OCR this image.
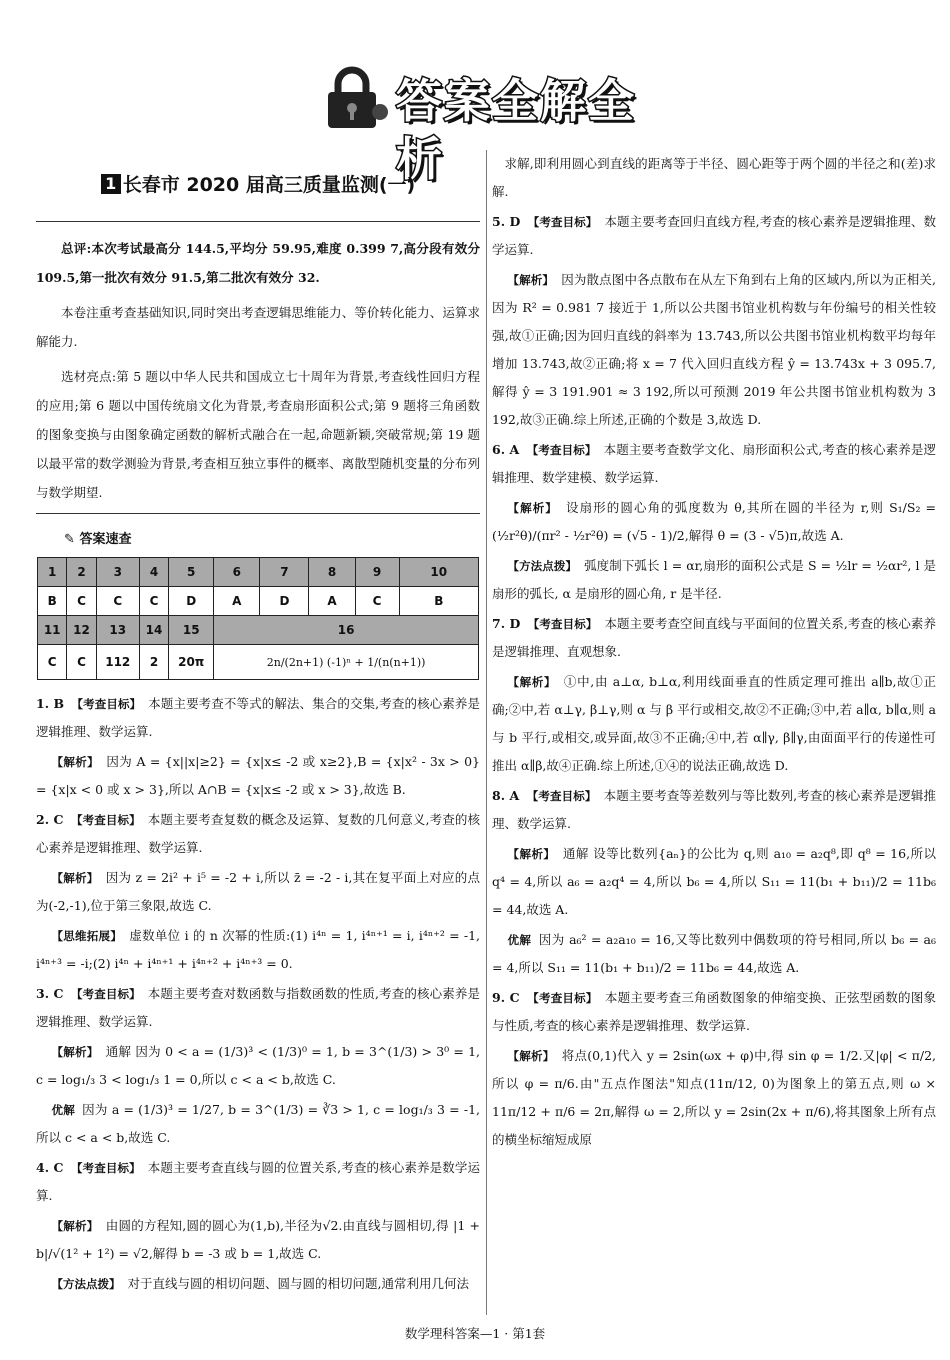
答案全解全析
1 长春市 2020 届高三质量监测(一)

总评:本次考试最高分 144.5,平均分 59.95,难度 0.399 7,高分段有效分 109.5,第一批次有效分 91.5,第二批次有效分 32.

本卷注重考查基础知识,同时突出考查逻辑思维能力、等价转化能力、运算求解能力.

选材亮点:第 5 题以中华人民共和国成立七十周年为背景,考查线性回归方程的应用;第 6 题以中国传统扇文化为背景,考查扇形面积公式;第 9 题将三角函数的图象变换与由图象确定函数的解析式融合在一起,命题新颖,突破常规;第 19 题以最平常的数学测验为背景,考查相互独立事件的概率、离散型随机变量的分布列与数学期望.

✎ 答案速查
1	2	3	4	5	6	7	8	9	10
B	C	C	C	D	A	D	A	C	B
11	12	13	14	15	16				
C	C	112	2	20π	2n/(2n+1) (-1)ⁿ + 1/(n(n+1))				

1. B 【考查目标】 本题主要考查不等式的解法、集合的交集,考查的核心素养是逻辑推理、数学运算.

【解析】 因为 A = {x||x|≥2} = {x|x≤ -2 或 x≥2},B = {x|x² - 3x > 0} = {x|x < 0 或 x > 3},所以 A∩B = {x|x≤ -2 或 x > 3},故选 B.

2. C 【考查目标】 本题主要考查复数的概念及运算、复数的几何意义,考查的核心素养是逻辑推理、数学运算.

【解析】 因为 z = 2i² + i⁵ = -2 + i,所以 z̄ = -2 - i,其在复平面上对应的点为(-2,-1),位于第三象限,故选 C.

【思维拓展】 虚数单位 i 的 n 次幂的性质:(1) i⁴ⁿ = 1, i⁴ⁿ⁺¹ = i, i⁴ⁿ⁺² = -1, i⁴ⁿ⁺³ = -i;(2) i⁴ⁿ + i⁴ⁿ⁺¹ + i⁴ⁿ⁺² + i⁴ⁿ⁺³ = 0.

3. C 【考查目标】 本题主要考查对数函数与指数函数的性质,考查的核心素养是逻辑推理、数学运算.

【解析】 通解 因为 0 < a = (1/3)³ < (1/3)⁰ = 1, b = 3^(1/3) > 3⁰ = 1, c = log₁/₃ 3 < log₁/₃ 1 = 0,所以 c < a < b,故选 C.

优解 因为 a = (1/3)³ = 1/27, b = 3^(1/3) = ∛3 > 1, c = log₁/₃ 3 = -1,所以 c < a < b,故选 C.

4. C 【考查目标】 本题主要考查直线与圆的位置关系,考查的核心素养是数学运算.

【解析】 由圆的方程知,圆的圆心为(1,b),半径为√2.由直线与圆相切,得 |1 + b|/√(1² + 1²) = √2,解得 b = -3 或 b = 1,故选 C.

【方法点拨】 对于直线与圆的相切问题、圆与圆的相切问题,通常利用几何法

求解,即利用圆心到直线的距离等于半径、圆心距等于两个圆的半径之和(差)求解.

5. D 【考查目标】 本题主要考查回归直线方程,考查的核心素养是逻辑推理、数学运算.

【解析】 因为散点图中各点散布在从左下角到右上角的区域内,所以为正相关,因为 R² = 0.981 7 接近于 1,所以公共图书馆业机构数与年份编号的相关性较强,故①正确;因为回归直线的斜率为 13.743,所以公共图书馆业机构数平均每年增加 13.743,故②正确;将 x = 7 代入回归直线方程 ŷ = 13.743x + 3 095.7,解得 ŷ = 3 191.901 ≈ 3 192,所以可预测 2019 年公共图书馆业机构数为 3 192,故③正确.综上所述,正确的个数是 3,故选 D.

6. A 【考查目标】 本题主要考查数学文化、扇形面积公式,考查的核心素养是逻辑推理、数学建模、数学运算.

【解析】 设扇形的圆心角的弧度数为 θ,其所在圆的半径为 r,则 S₁/S₂ = (½r²θ)/(πr² - ½r²θ) = (√5 - 1)/2,解得 θ = (3 - √5)π,故选 A.

【方法点拨】 弧度制下弧长 l = αr,扇形的面积公式是 S = ½lr = ½αr², l 是扇形的弧长, α 是扇形的圆心角, r 是半径.

7. D 【考查目标】 本题主要考查空间直线与平面间的位置关系,考查的核心素养是逻辑推理、直观想象.

【解析】 ①中,由 a⊥α, b⊥α,利用线面垂直的性质定理可推出 a∥b,故①正确;②中,若 α⊥γ, β⊥γ,则 α 与 β 平行或相交,故②不正确;③中,若 a∥α, b∥α,则 a 与 b 平行,或相交,或异面,故③不正确;④中,若 α∥γ, β∥γ,由面面平行的传递性可推出 α∥β,故④正确.综上所述,①④的说法正确,故选 D.

8. A 【考查目标】 本题主要考查等差数列与等比数列,考查的核心素养是逻辑推理、数学运算.

【解析】 通解 设等比数列{aₙ}的公比为 q,则 a₁₀ = a₂q⁸,即 q⁸ = 16,所以 q⁴ = 4,所以 a₆ = a₂q⁴ = 4,所以 b₆ = 4,所以 S₁₁ = 11(b₁ + b₁₁)/2 = 11b₆ = 44,故选 A.

优解 因为 a₆² = a₂a₁₀ = 16,又等比数列中偶数项的符号相同,所以 b₆ = a₆ = 4,所以 S₁₁ = 11(b₁ + b₁₁)/2 = 11b₆ = 44,故选 A.

9. C 【考查目标】 本题主要考查三角函数图象的伸缩变换、正弦型函数的图象与性质,考查的核心素养是逻辑推理、数学运算.

【解析】 将点(0,1)代入 y = 2sin(ωx + φ)中,得 sin φ = 1/2.又|φ| < π/2,所以 φ = π/6.由"五点作图法"知点(11π/12, 0)为图象上的第五点,则 ω × 11π/12 + π/6 = 2π,解得 ω = 2,所以 y = 2sin(2x + π/6),将其图象上所有点的横坐标缩短成原

数学理科答案—1 · 第1套
